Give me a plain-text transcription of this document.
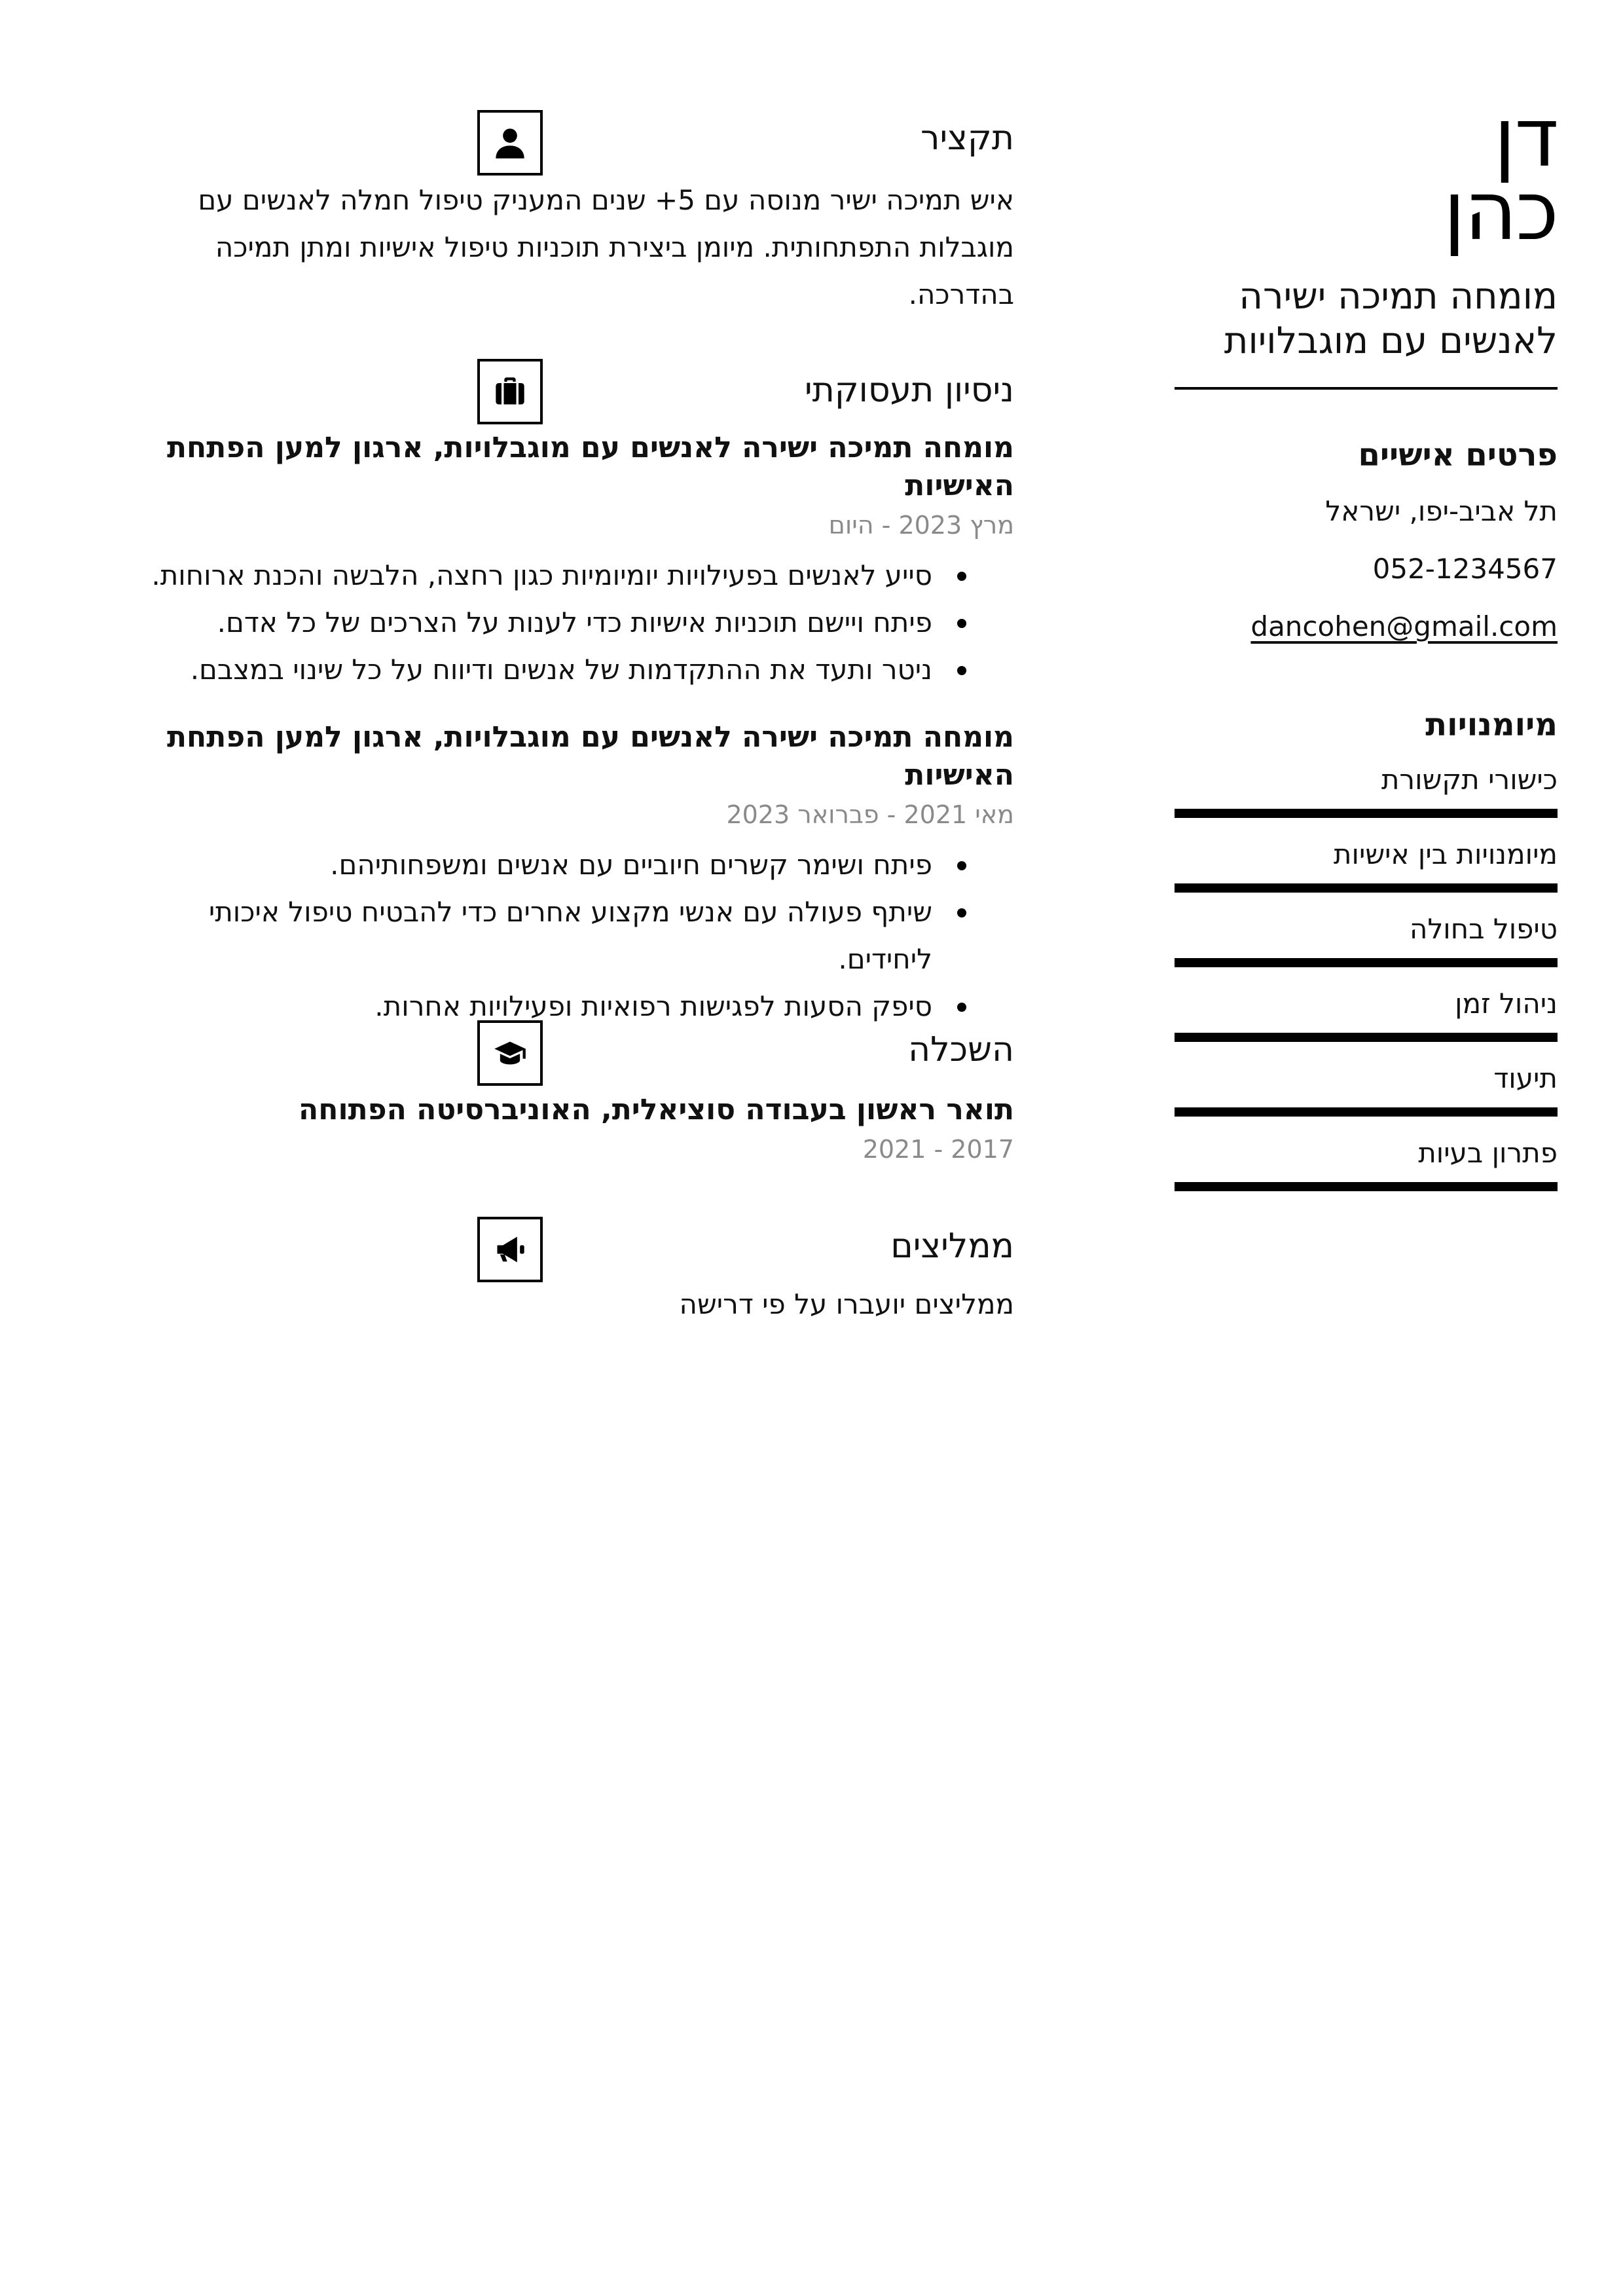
דן
כהן
מומחה תמיכה ישירה
לאנשים עם מוגבלויות
פרטים אישיים
תל אביב-יפו, ישראל
052-1234567
dancohen@gmail.com
מיומנויות
כישורי תקשורת
מיומנויות בין אישיות
טיפול בחולה
ניהול זמן
תיעוד
פתרון בעיות
תקציר
איש תמיכה ישיר מנוסה עם 5+ שנים המעניק טיפול חמלה לאנשים עם מוגבלות התפתחותית. מיומן ביצירת תוכניות טיפול אישיות ומתן תמיכה בהדרכה.
ניסיון תעסוקתי
מומחה תמיכה ישירה לאנשים עם מוגבלויות, ארגון למען הפתחת האישיות
מרץ 2023 - היום
סייע לאנשים בפעילויות יומיומיות כגון רחצה, הלבשה והכנת ארוחות.
פיתח ויישם תוכניות אישיות כדי לענות על הצרכים של כל אדם.
ניטר ותעד את ההתקדמות של אנשים ודיווח על כל שינוי במצבם.
מומחה תמיכה ישירה לאנשים עם מוגבלויות, ארגון למען הפתחת האישיות
מאי 2021 - פברואר 2023
פיתח ושימר קשרים חיוביים עם אנשים ומשפחותיהם.
שיתף פעולה עם אנשי מקצוע אחרים כדי להבטיח טיפול איכותי ליחידים.
סיפק הסעות לפגישות רפואיות ופעילויות אחרות.
השכלה
תואר ראשון בעבודה סוציאלית, האוניברסיטה הפתוחה
2017 - 2021
ממליצים
ממליצים יועברו על פי דרישה
